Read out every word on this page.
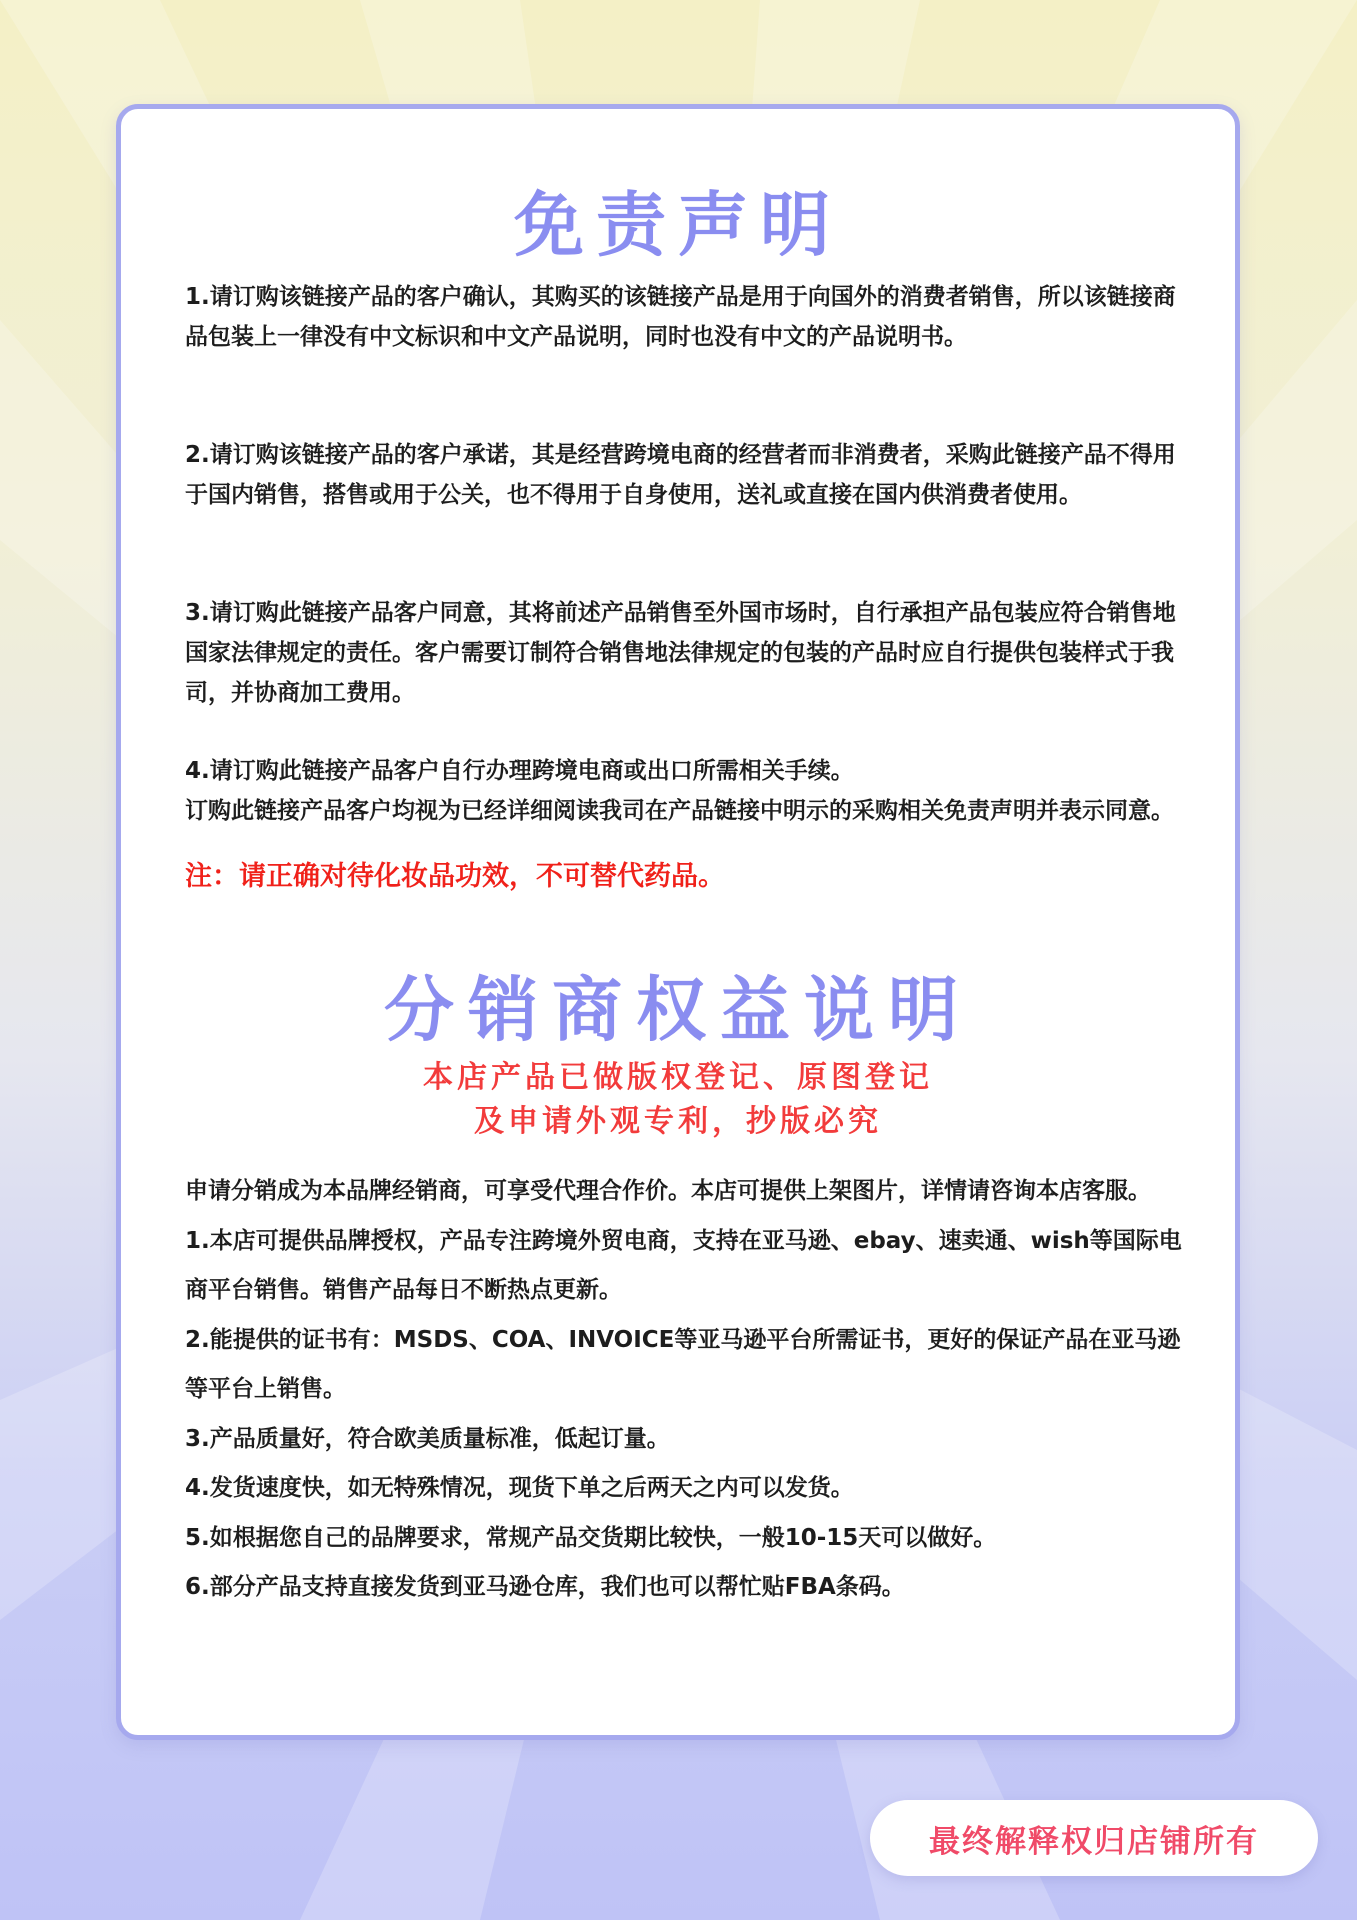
免责声明

1.请订购该链接产品的客户确认，其购买的该链接产品是用于向国外的消费者销售，所以该链接商品包装上一律没有中文标识和中文产品说明，同时也没有中文的产品说明书。

2.请订购该链接产品的客户承诺，其是经营跨境电商的经营者而非消费者，采购此链接产品不得用于国内销售，搭售或用于公关，也不得用于自身使用，送礼或直接在国内供消费者使用。

3.请订购此链接产品客户同意，其将前述产品销售至外国市场时，自行承担产品包装应符合销售地国家法律规定的责任。客户需要订制符合销售地法律规定的包装的产品时应自行提供包装样式于我司，并协商加工费用。

4.请订购此链接产品客户自行办理跨境电商或出口所需相关手续。

订购此链接产品客户均视为已经详细阅读我司在产品链接中明示的采购相关免责声明并表示同意。

注：请正确对待化妆品功效，不可替代药品。

分销商权益说明

本店产品已做版权登记、原图登记

及申请外观专利，抄版必究

申请分销成为本品牌经销商，可享受代理合作价。本店可提供上架图片，详情请咨询本店客服。
1.本店可提供品牌授权，产品专注跨境外贸电商，支持在亚马逊、ebay、速卖通、wish等国际电商平台销售。销售产品每日不断热点更新。
2.能提供的证书有：MSDS、COA、INVOICE等亚马逊平台所需证书，更好的保证产品在亚马逊等平台上销售。
3.产品质量好，符合欧美质量标准，低起订量。
4.发货速度快，如无特殊情况，现货下单之后两天之内可以发货。
5.如根据您自己的品牌要求，常规产品交货期比较快，一般10-15天可以做好。
6.部分产品支持直接发货到亚马逊仓库，我们也可以帮忙贴FBA条码。
最终解释权归店铺所有
